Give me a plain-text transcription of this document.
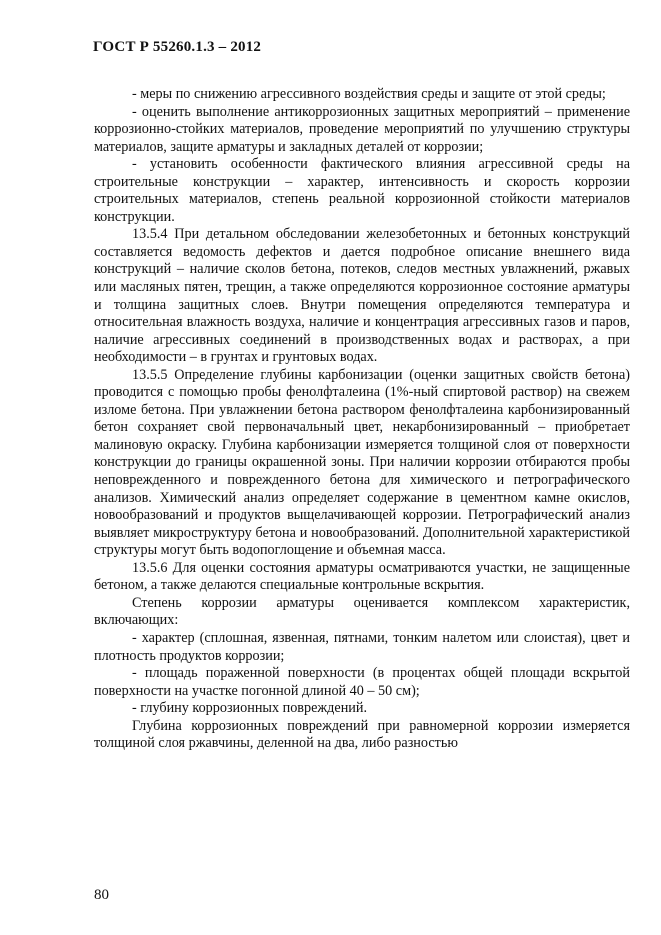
ГОСТ Р 55260.1.3 – 2012

- меры по снижению агрессивного воздействия среды и защите от этой среды;

- оценить выполнение антикоррозионных защитных мероприятий – применение коррозионно-стойких материалов, проведение мероприятий по улучшению структуры материалов, защите арматуры и закладных деталей от коррозии;

- установить особенности фактического влияния агрессивной среды на строительные конструкции – характер, интенсивность и скорость коррозии строительных материалов, степень реальной коррозионной стойкости материалов конструкции.

13.5.4 При детальном обследовании железобетонных и бетонных конструкций составляется ведомость дефектов и дается подробное описание внешнего вида конструкций – наличие сколов бетона, потеков, следов местных увлажнений, ржавых или масляных пятен, трещин, а также определяются коррозионное состояние арматуры и толщина защитных слоев. Внутри помещения определяются температура и относительная влажность воздуха, наличие и концентрация агрессивных газов и паров, наличие агрессивных соединений в производственных водах и растворах, а при необходимости – в грунтах и грунтовых водах.

13.5.5 Определение глубины карбонизации (оценки защитных свойств бетона) проводится с помощью пробы фенолфталеина (1%-ный спиртовой раствор) на свежем изломе бетона. При увлажнении бетона раствором фенолфталеина карбонизированный бетон сохраняет свой первоначальный цвет, некарбонизированный – приобретает малиновую окраску. Глубина карбонизации измеряется толщиной слоя от поверхности конструкции до границы окрашенной зоны. При наличии коррозии отбираются пробы неповрежденного и поврежденного бетона для химического и петрографического анализов. Химический анализ определяет содержание в цементном камне окислов, новообразований и продуктов выщелачивающей коррозии. Петрографический анализ выявляет микроструктуру бетона и новообразований. Дополнительной характеристикой структуры могут быть водопоглощение и объемная масса.

13.5.6 Для оценки состояния арматуры осматриваются участки, не защищенные бетоном, а также делаются специальные контрольные вскрытия.

Степень коррозии арматуры оценивается комплексом характеристик, включающих:

- характер (сплошная, язвенная, пятнами, тонким налетом или слоистая), цвет и плотность продуктов коррозии;

- площадь пораженной поверхности (в процентах общей площади вскрытой поверхности на участке погонной длиной 40 – 50 см);

- глубину коррозионных повреждений.

Глубина коррозионных повреждений при равномерной коррозии измеряется толщиной слоя ржавчины, деленной на два, либо разностью

80
